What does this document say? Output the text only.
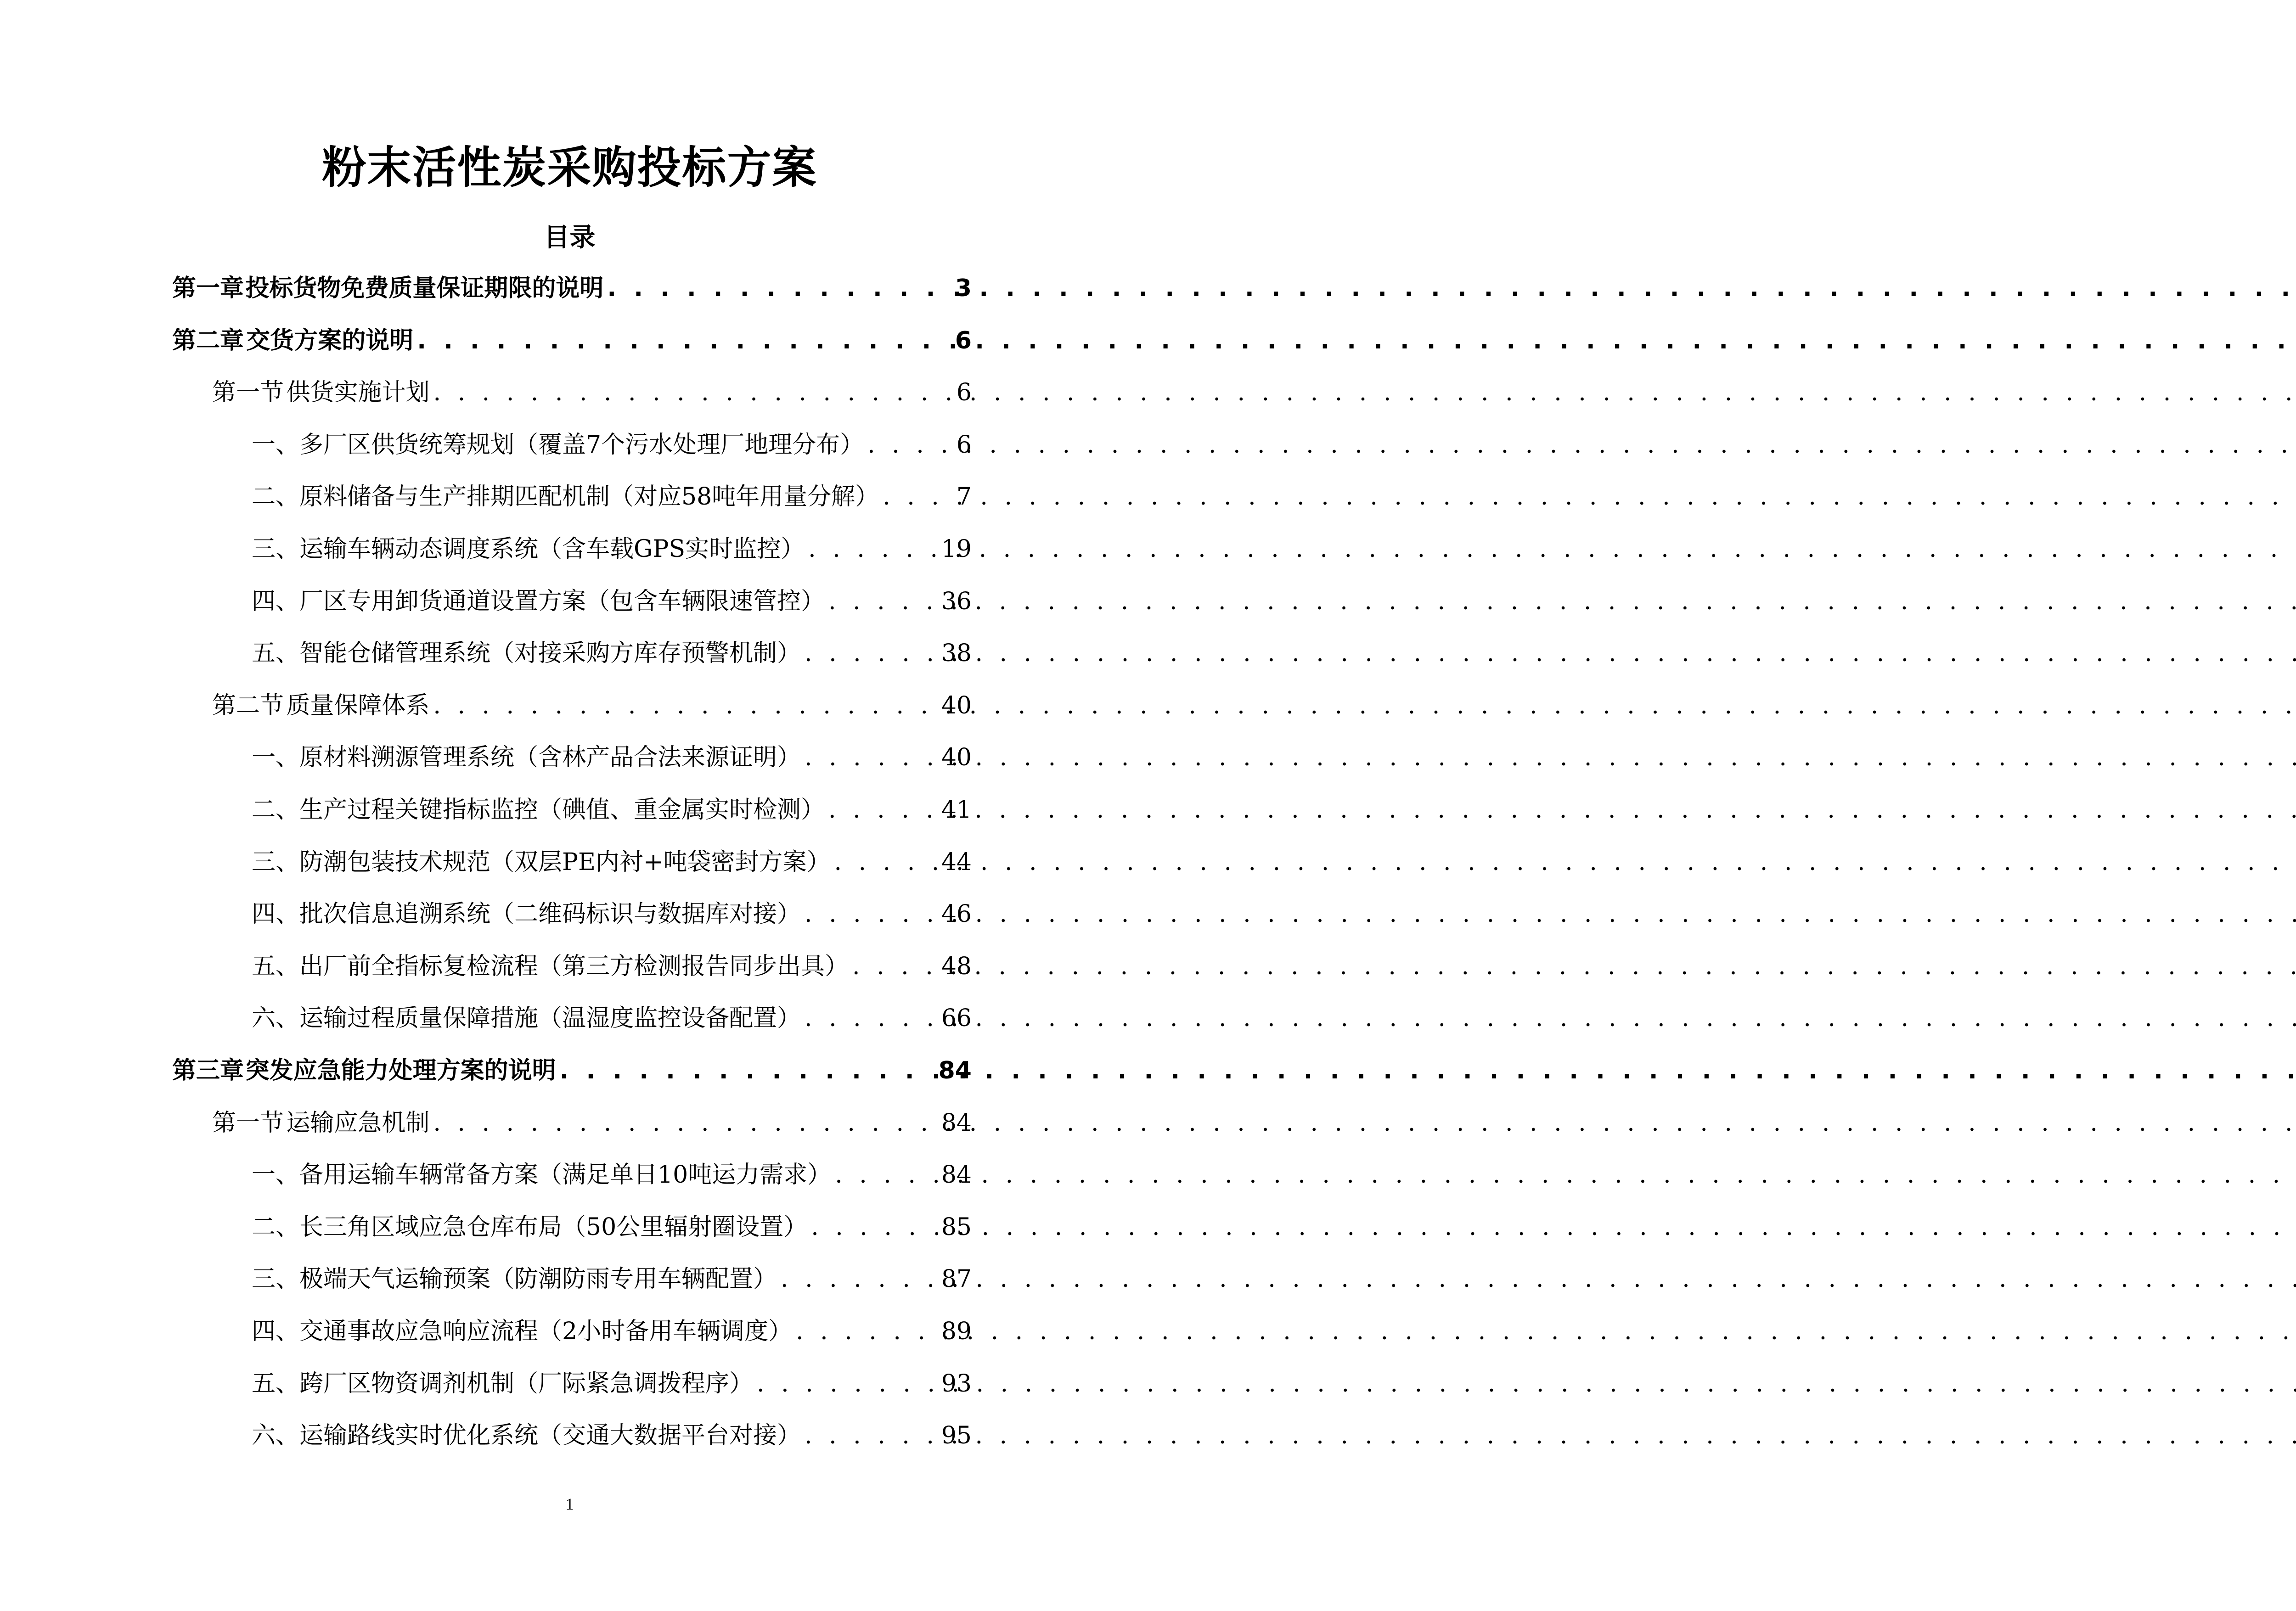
粉末活性炭采购投标方案
目录
第一章 投标货物免费质量保证期限的说明 . . .	3
第二章 交货方案的说明 . . .	6
第一节 供货实施计划 . . .	6
一、 多厂区供货统筹规划（覆盖7个污水处理厂地理分布） . . .	6
二、 原料储备与生产排期匹配机制（对应58吨年用量分解） . . .	7
三、 运输车辆动态调度系统（含车载GPS实时监控） . . .	19
四、 厂区专用卸货通道设置方案（包含车辆限速管控） . . .	36
五、 智能仓储管理系统（对接采购方库存预警机制） . . .	38
第二节 质量保障体系 . . .	40
一、 原材料溯源管理系统（含林产品合法来源证明） . . .	40
二、 生产过程关键指标监控（碘值、重金属实时检测） . . .	41
三、 防潮包装技术规范（双层PE内衬+吨袋密封方案） . . .	44
四、 批次信息追溯系统（二维码标识与数据库对接） . . .	46
五、 出厂前全指标复检流程（第三方检测报告同步出具） . . .	48
六、 运输过程质量保障措施（温湿度监控设备配置） . . .	66
第三章 突发应急能力处理方案的说明 . . .	84
第一节 运输应急机制 . . .	84
一、 备用运输车辆常备方案（满足单日10吨运力需求） . . .	84
二、 长三角区域应急仓库布局（50公里辐射圈设置） . . .	85
三、 极端天气运输预案（防潮防雨专用车辆配置） . . .	87
四、 交通事故应急响应流程（2小时备用车辆调度） . . .	89
五、 跨厂区物资调剂机制（厂际紧急调拨程序） . . .	93
六、 运输路线实时优化系统（交通大数据平台对接） . . .	95
1
